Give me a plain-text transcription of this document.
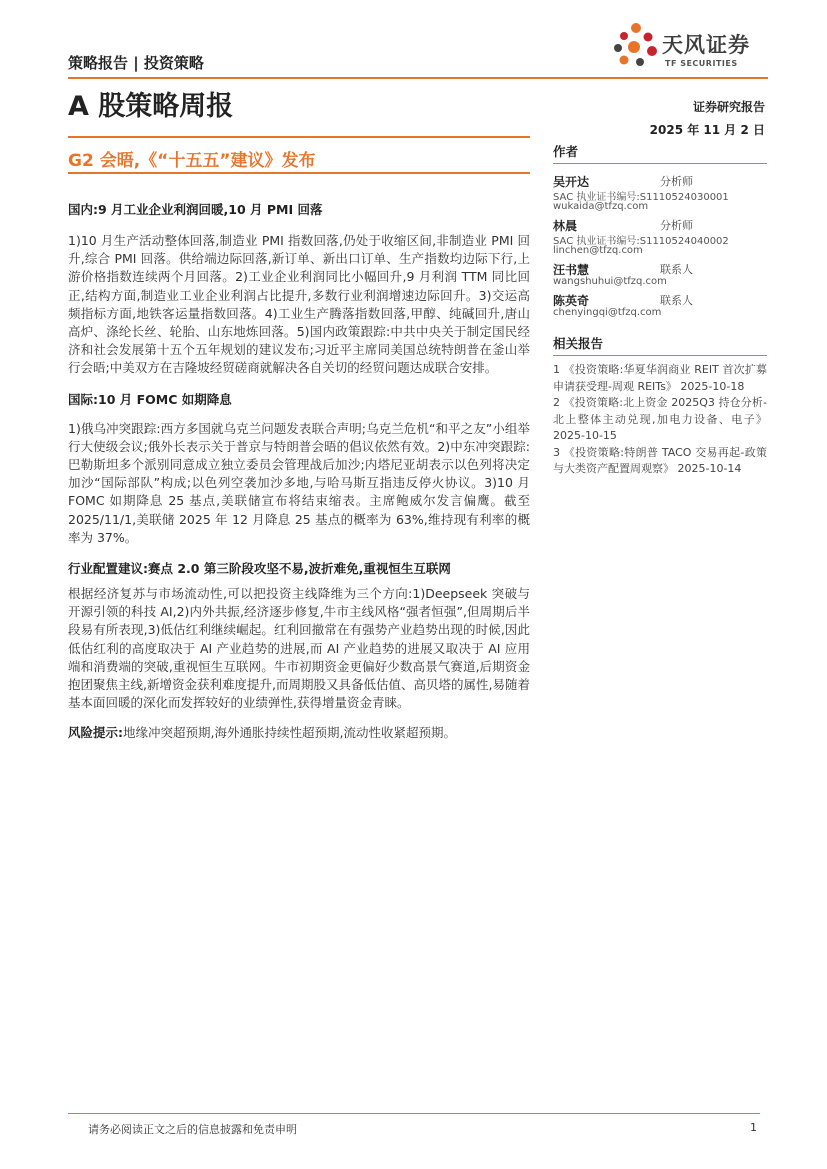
策略报告 | 投资策略
天风证券
TF SECURITIES
A 股策略周报	证券研究报告
2025 年 11 月 2 日
G2 会晤,《“十五五”建议》发布
国内:9 月工业企业利润回暖,10 月 PMI 回落

1)10 月生产活动整体回落,制造业 PMI 指数回落,仍处于收缩区间,非制造业 PMI 回升,综合 PMI 回落。供给端边际回落,新订单、新出口订单、生产指数均边际下行,上游价格指数连续两个月回落。2)工业企业利润同比小幅回升,9 月利润 TTM 同比回正,结构方面,制造业工业企业利润占比提升,多数行业利润增速边际回升。3)交运高频指标方面,地铁客运量指数回落。4)工业生产腾落指数回落,甲醇、纯碱回升,唐山高炉、涤纶长丝、轮胎、山东地炼回落。5)国内政策跟踪:中共中央关于制定国民经济和社会发展第十五个五年规划的建议发布;习近平主席同美国总统特朗普在釜山举行会晤;中美双方在吉隆坡经贸磋商就解决各自关切的经贸问题达成联合安排。

国际:10 月 FOMC 如期降息

1)俄乌冲突跟踪:西方多国就乌克兰问题发表联合声明;乌克兰危机“和平之友”小组举行大使级会议;俄外长表示关于普京与特朗普会晤的倡议依然有效。2)中东冲突跟踪:巴勒斯坦多个派别同意成立独立委员会管理战后加沙;内塔尼亚胡表示以色列将决定加沙“国际部队”构成;以色列空袭加沙多地,与哈马斯互指违反停火协议。3)10 月 FOMC 如期降息 25 基点,美联储宣布将结束缩表。主席鲍威尔发言偏鹰。截至 2025/11/1,美联储 2025 年 12 月降息 25 基点的概率为 63%,维持现有利率的概率为 37%。

行业配置建议:赛点 2.0 第三阶段攻坚不易,波折难免,重视恒生互联网

根据经济复苏与市场流动性,可以把投资主线降维为三个方向:1)Deepseek 突破与开源引领的科技 AI,2)内外共振,经济逐步修复,牛市主线风格“强者恒强”,但周期后半段易有所表现,3)低估红利继续崛起。红利回撤常在有强势产业趋势出现的时候,因此低估红利的高度取决于 AI 产业趋势的进展,而 AI 产业趋势的进展又取决于 AI 应用端和消费端的突破,重视恒生互联网。牛市初期资金更偏好少数高景气赛道,后期资金抱团聚焦主线,新增资金获利难度提升,而周期股又具备低估值、高贝塔的属性,易随着基本面回暖的深化而发挥较好的业绩弹性,获得增量资金青睐。

风险提示:地缘冲突超预期,海外通胀持续性超预期,流动性收紧超预期。
作者
吴开达	分析师
SAC 执业证书编号:S1110524030001
wukaida@tfzq.com
林晨	分析师
SAC 执业证书编号:S1110524040002
linchen@tfzq.com
汪书慧	联系人
wangshuhui@tfzq.com
陈英奇	联系人
chenyingqi@tfzq.com
相关报告
1 《投资策略:华夏华润商业 REIT 首次扩募申请获受理-周观 REITs》 2025-10-18
2 《投资策略:北上资金 2025Q3 持仓分析-北上整体主动兑现,加电力设备、电子》2025-10-15
3 《投资策略:特朗普 TACO 交易再起-政策与大类资产配置周观察》 2025-10-14
请务必阅读正文之后的信息披露和免责申明	1
